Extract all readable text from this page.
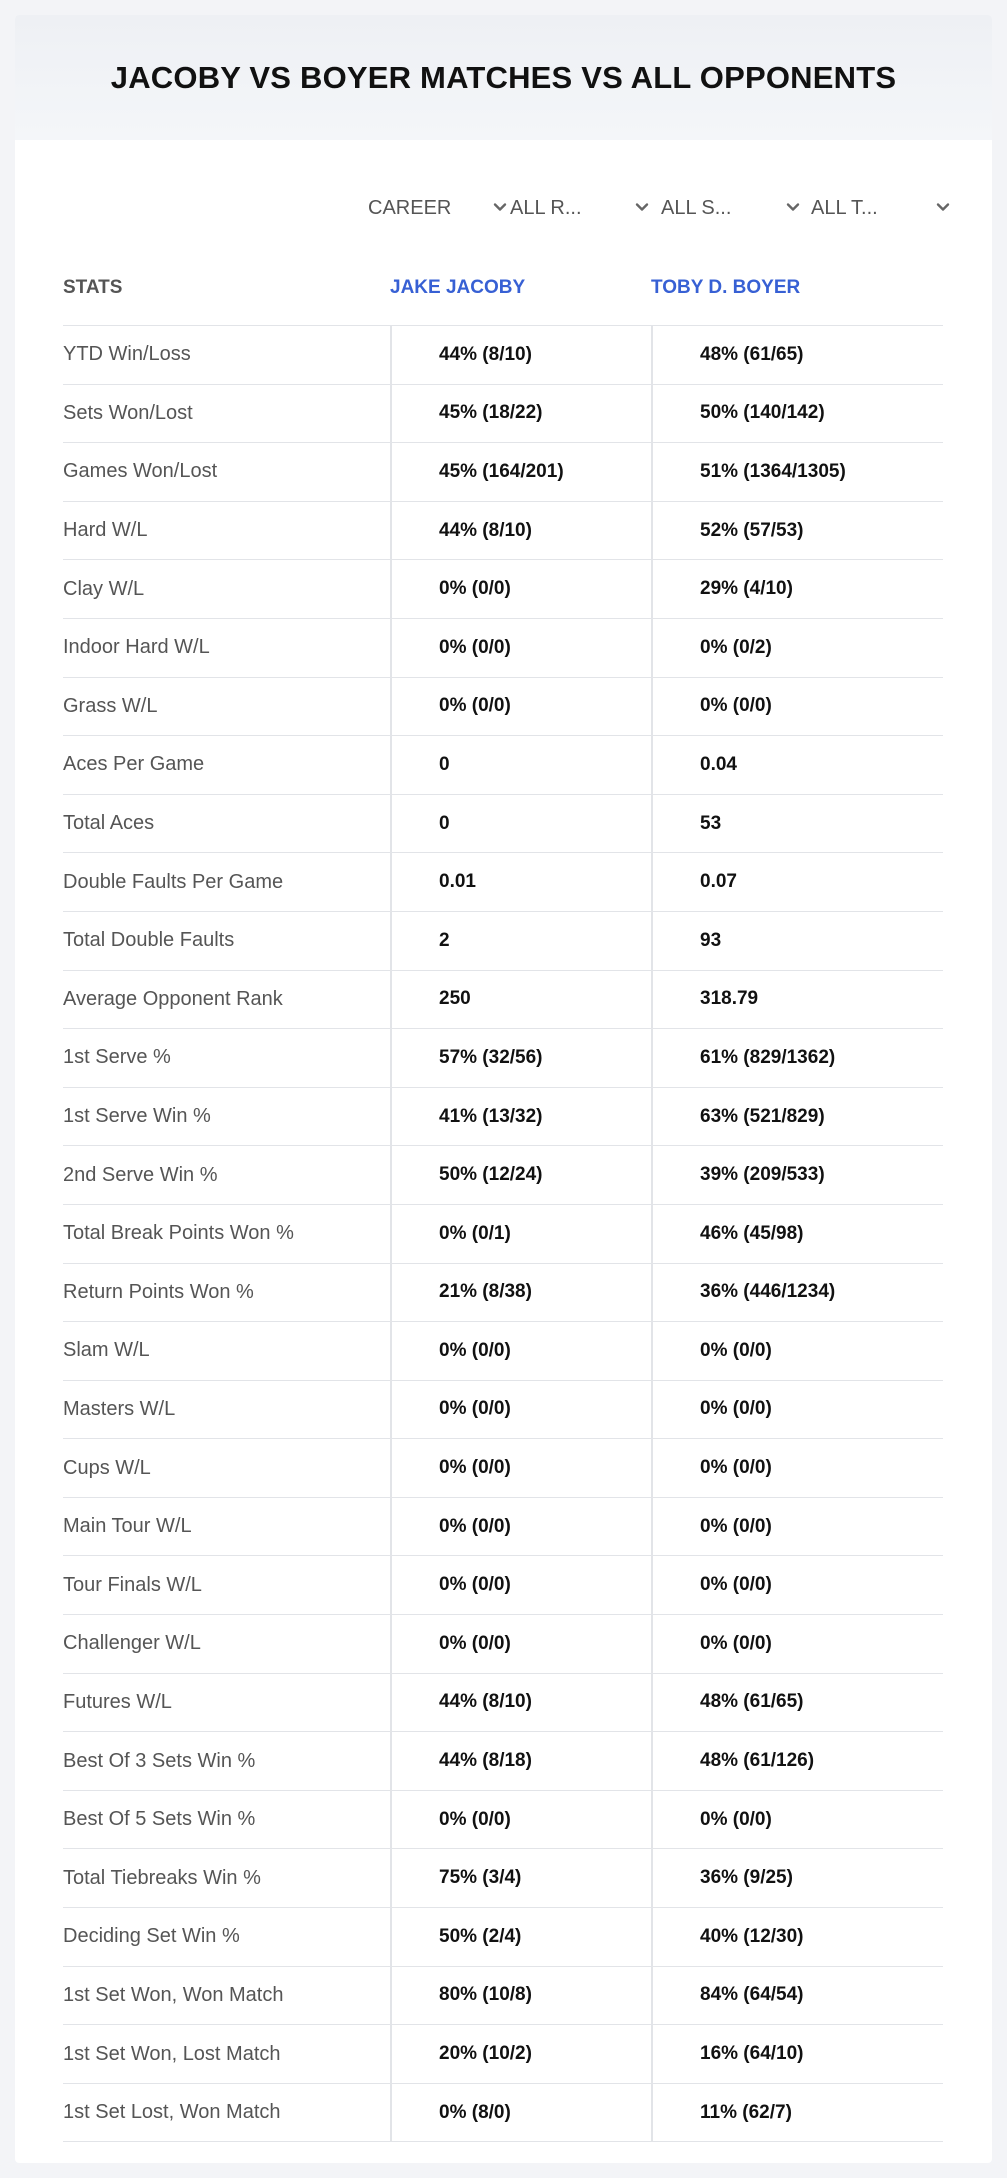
JACOBY VS BOYER MATCHES VS ALL OPPONENTS
CAREER	ALL R...	ALL S...	ALL T...
STATS	JAKE JACOBY	TOBY D. BOYER
YTD Win/Loss	44% (8/10)	48% (61/65)
Sets Won/Lost	45% (18/22)	50% (140/142)
Games Won/Lost	45% (164/201)	51% (1364/1305)
Hard W/L	44% (8/10)	52% (57/53)
Clay W/L	0% (0/0)	29% (4/10)
Indoor Hard W/L	0% (0/0)	0% (0/2)
Grass W/L	0% (0/0)	0% (0/0)
Aces Per Game	0	0.04
Total Aces	0	53
Double Faults Per Game	0.01	0.07
Total Double Faults	2	93
Average Opponent Rank	250	318.79
1st Serve %	57% (32/56)	61% (829/1362)
1st Serve Win %	41% (13/32)	63% (521/829)
2nd Serve Win %	50% (12/24)	39% (209/533)
Total Break Points Won %	0% (0/1)	46% (45/98)
Return Points Won %	21% (8/38)	36% (446/1234)
Slam W/L	0% (0/0)	0% (0/0)
Masters W/L	0% (0/0)	0% (0/0)
Cups W/L	0% (0/0)	0% (0/0)
Main Tour W/L	0% (0/0)	0% (0/0)
Tour Finals W/L	0% (0/0)	0% (0/0)
Challenger W/L	0% (0/0)	0% (0/0)
Futures W/L	44% (8/10)	48% (61/65)
Best Of 3 Sets Win %	44% (8/18)	48% (61/126)
Best Of 5 Sets Win %	0% (0/0)	0% (0/0)
Total Tiebreaks Win %	75% (3/4)	36% (9/25)
Deciding Set Win %	50% (2/4)	40% (12/30)
1st Set Won, Won Match	80% (10/8)	84% (64/54)
1st Set Won, Lost Match	20% (10/2)	16% (64/10)
1st Set Lost, Won Match	0% (8/0)	11% (62/7)
